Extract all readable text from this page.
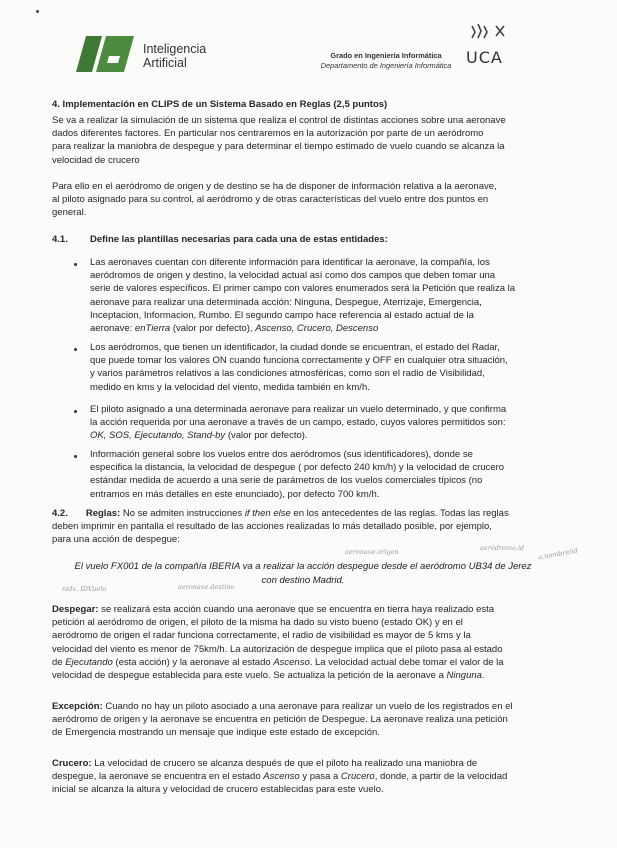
Inteligencia
Artificial
Grado en Ingeniería Informática
Departamento de Ingeniería Informática UCA
4. Implementación en CLIPS de un Sistema Basado en Reglas (2,5 puntos)
Se va a realizar la simulación de un sistema que realiza el control de distintas acciones sobre una aeronave
dados diferentes factores. En particular nos centraremos en la autorización por parte de un aeródromo
para realizar la maniobra de despegue y para determinar el tiempo estimado de vuelo cuando se alcanza la
velocidad de crucero
Para ello en el aeródromo de origen y de destino se ha de disponer de información relativa a la aeronave,
al piloto asignado para su control, al aeródromo y de otras características del vuelo entre dos puntos en
general.
4.1. Define las plantillas necesarias para cada una de estas entidades:
Las aeronaves cuentan con diferente información para identificar la aeronave, la compañía, los
aeródromos de origen y destino, la velocidad actual así como dos campos que deben tomar una
serie de valores específicos. El primer campo con valores enumerados será la Petición que realiza la
aeronave para realizar una determinada acción: Ninguna, Despegue, Aterrizaje, Emergencia,
Inceptacion, Informacion, Rumbo. El segundo campo hace referencia al estado actual de la
aeronave: enTierra (valor por defecto), Ascenso, Crucero, Descenso
Los aeródromos, que tienen un identificador, la ciudad donde se encuentran, el estado del Radar,
que puede tomar los valores ON cuando funciona correctamente y OFF en cualquier otra situación,
y varios parámetros relativos a las condiciones atmosféricas, como son el radio de Visibilidad,
medido en kms y la velocidad del viento, medida también en km/h.
El piloto asignado a una determinada aeronave para realizar un vuelo determinado, y que confirma
la acción requerida por una aeronave a través de un campo, estado, cuyos valores permitidos son:
OK, SOS, Ejecutando, Stand-by (valor por defecto).
Información general sobre los vuelos entre dos aeródromos (sus identificadores), donde se
especifica la distancia, la velocidad de despegue ( por defecto 240 km/h) y la velocidad de crucero
estándar medida de acuerdo a una serie de parámetros de los vuelos comerciales típicos (no
entramos en más detalles en este enunciado), por defecto 700 km/h.
4.2. Reglas: No se admiten instrucciones if then else en los antecedentes de las reglas. Todas las reglas
deben imprimir en pantalla el resultado de las acciones realizadas lo más detallado posible, por ejemplo,
para una acción de despegue:
aeronave.origen	aeródromo.id a.nombre/id
nidx. IDVuelo	aeronave.destino
El vuelo FX001 de la compañía IBERIA va a realizar la acción despegue desde el aeródromo UB34 de Jerez
con destino Madrid.
Despegar: se realizará esta acción cuando una aeronave que se encuentra en tierra haya realizado esta
petición al aeródromo de origen, el piloto de la misma ha dado su visto bueno (estado OK) y en el
aeródromo de origen el radar funciona correctamente, el radio de visibilidad es mayor de 5 kms y la
velocidad del viento es menor de 75km/h. La autorización de despegue implica que el piloto pasa al estado
de Ejecutando (esta acción) y la aeronave al estado Ascenso. La velocidad actual debe tomar el valor de la
velocidad de despegue establecida para este vuelo. Se actualiza la petición de la aeronave a Ninguna.
Excepción: Cuando no hay un piloto asociado a una aeronave para realizar un vuelo de los registrados en el
aeródromo de origen y la aeronave se encuentra en petición de Despegue. La aeronave realiza una petición
de Emergencia mostrando un mensaje que indique este estado de excepción.
Crucero: La velocidad de crucero se alcanza después de que el piloto ha realizado una maniobra de
despegue, la aeronave se encuentra en el estado Ascenso y pasa a Crucero, donde, a partir de la velocidad
inicial se alcanza la altura y velocidad de crucero establecidas para este vuelo.
